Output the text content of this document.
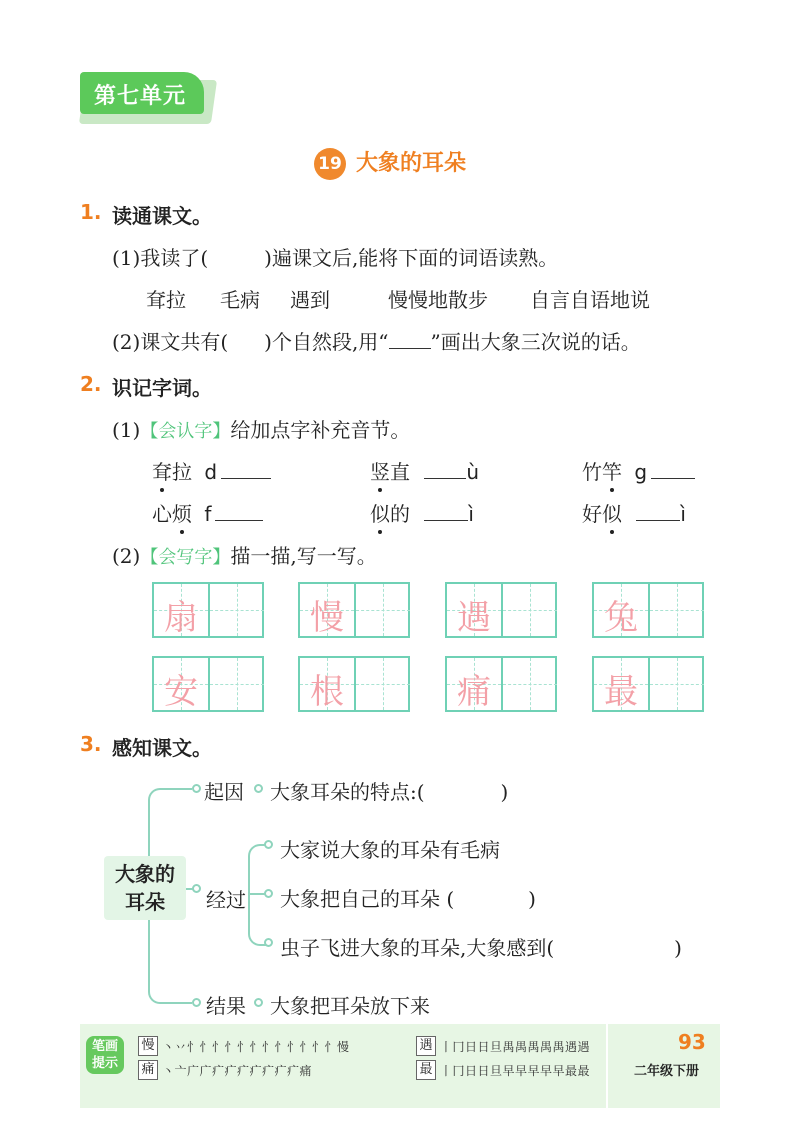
第七单元
19 大象的耳朵
1. 读通课文。
(1)我读了(	)遍课文后,能将下面的词语读熟。
耷拉 毛病 遇到	慢慢地散步 自言自语地说
(2)课文共有( )个自然段,用“ ”画出大象三次说的话。
2. 识记字词。
(1)【会认字】给加点字补充音节。
耷拉 d	竖直	ù	竹竿 g
心烦 f	似的	ì	好似	ì
(2)【会写字】描一描,写一写。
扇	慢	遇	兔
安	根	痛	最
3. 感知课文。
大象的
耳朵
起因 大象耳朵的特点:(	)
经过
大家说大象的耳朵有毛病
大象把自己的耳朵 (	)
虫子飞进大象的耳朵,大象感到(	)
结果 大象把耳朵放下来
笔画
提示
慢 丶丷忄忄忄忄忄忄忄忄忄忄忄忄慢
痛 丶亠广广疒疒疒疒疒疒疒痛
遇 丨冂日日旦禺禺禺禺禺遇遇
最 丨冂日日旦早早早早早最最
93
二年级下册
